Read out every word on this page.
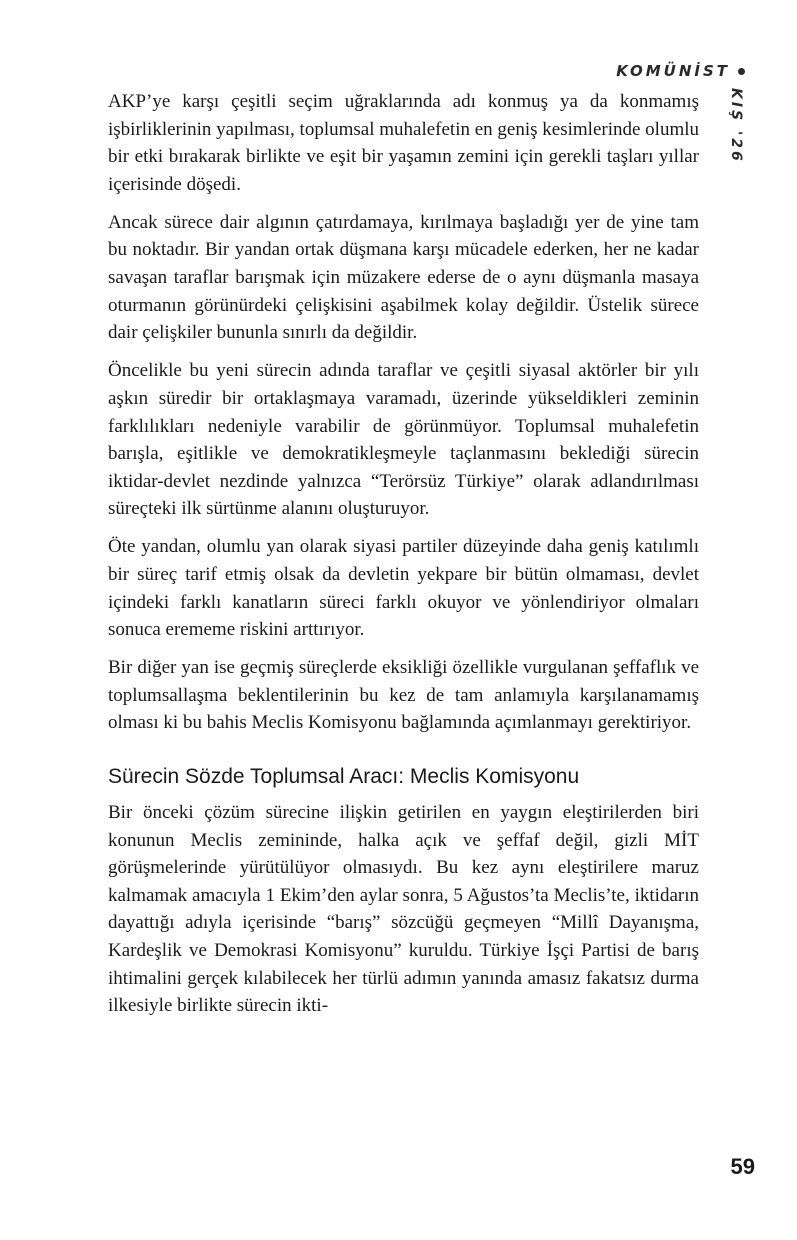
KOMÜNİST
KIŞ '26

AKP’ye karşı çeşitli seçim uğraklarında adı konmuş ya da konmamış işbirliklerinin yapılması, toplumsal muhalefetin en geniş kesimlerinde olumlu bir etki bırakarak birlikte ve eşit bir yaşamın zemini için gerekli taşları yıllar içerisinde döşedi.

Ancak sürece dair algının çatırdamaya, kırılmaya başladığı yer de yine tam bu noktadır. Bir yandan ortak düşmana karşı mücadele ederken, her ne kadar savaşan taraflar barışmak için müzakere ederse de o aynı düşmanla masaya oturmanın görünürdeki çelişkisini aşabilmek kolay değildir. Üstelik sürece dair çelişkiler bununla sınırlı da değildir.

Öncelikle bu yeni sürecin adında taraflar ve çeşitli siyasal aktörler bir yılı aşkın süredir bir ortaklaşmaya varamadı, üzerinde yükseldikleri zeminin farklılıkları nedeniyle varabilir de görünmüyor. Toplumsal muhalefetin barışla, eşitlikle ve demokratikleşmeyle taçlanmasını beklediği sürecin iktidar-devlet nezdinde yalnızca “Terörsüz Türkiye” olarak adlandırılması süreçteki ilk sürtünme alanını oluşturuyor.

Öte yandan, olumlu yan olarak siyasi partiler düzeyinde daha geniş katılımlı bir süreç tarif etmiş olsak da devletin yekpare bir bütün olmaması, devlet içindeki farklı kanatların süreci farklı okuyor ve yönlendiriyor olmaları sonuca erememe riskini arttırıyor.

Bir diğer yan ise geçmiş süreçlerde eksikliği özellikle vurgulanan şeffaflık ve toplumsallaşma beklentilerinin bu kez de tam anlamıyla karşılanamamış olması ki bu bahis Meclis Komisyonu bağlamında açımlanmayı gerektiriyor.

Sürecin Sözde Toplumsal Aracı: Meclis Komisyonu

Bir önceki çözüm sürecine ilişkin getirilen en yaygın eleştirilerden biri konunun Meclis zemininde, halka açık ve şeffaf değil, gizli MİT görüşmelerinde yürütülüyor olmasıydı. Bu kez aynı eleştirilere maruz kalmamak amacıyla 1 Ekim’den aylar sonra, 5 Ağustos’ta Meclis’te, iktidarın dayattığı adıyla içerisinde “barış” sözcüğü geçmeyen “Millî Dayanışma, Kardeşlik ve Demokrasi Komisyonu” kuruldu. Türkiye İşçi Partisi de barış ihtimalini gerçek kılabilecek her türlü adımın yanında amasız fakatsız durma ilkesiyle birlikte sürecin ikti-

59
